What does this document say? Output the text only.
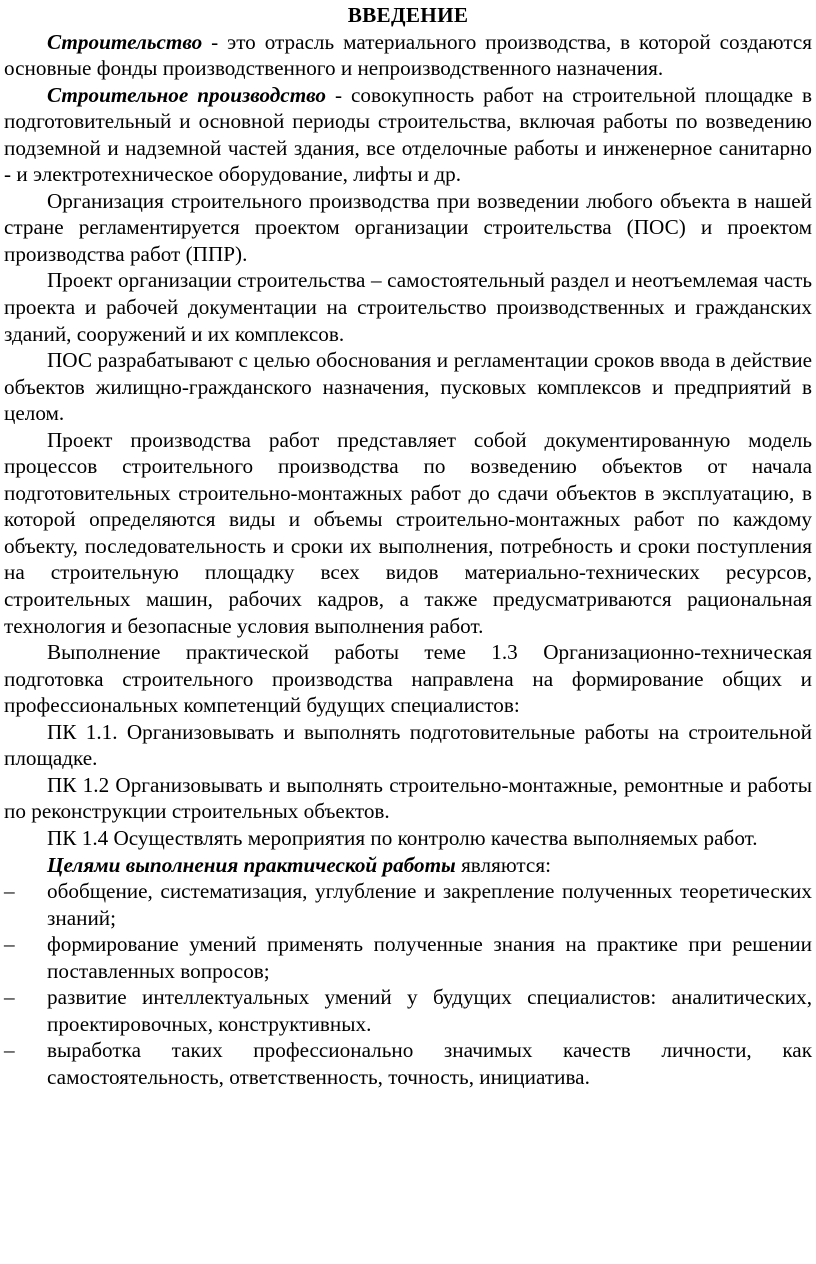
ВВЕДЕНИЕ

Строительство - это отрасль материального производства, в которой создаются основные фонды производственного и непроизводственного назначения.

Строительное производство - совокупность работ на строительной площадке в подготовительный и основной периоды строительства, включая работы по возведению подземной и надземной частей здания, все отделочные работы и инженерное санитарно - и электротехническое оборудование, лифты и др.

Организация строительного производства при возведении любого объекта в нашей стране регламентируется проектом организации строительства (ПОС) и проектом производства работ (ППР).

Проект организации строительства – самостоятельный раздел и неотъемлемая часть проекта и рабочей документации на строительство производственных и гражданских зданий, сооружений и их комплексов.

ПОС разрабатывают с целью обоснования и регламентации сроков ввода в действие объектов жилищно-гражданского назначения, пусковых комплексов и предприятий в целом.

Проект производства работ представляет собой документированную модель процессов строительного производства по возведению объектов от начала подготовительных строительно-монтажных работ до сдачи объектов в эксплуатацию, в которой определяются виды и объемы строительно-монтажных работ по каждому объекту, последовательность и сроки их выполнения, потребность и сроки поступления на строительную площадку всех видов материально-технических ресурсов, строительных машин, рабочих кадров, а также предусматриваются рациональная технология и безопасные условия выполнения работ.

Выполнение практической работы теме 1.3 Организационно-техническая подготовка строительного производства направлена на формирование общих и профессиональных компетенций будущих специалистов:

ПК 1.1. Организовывать и выполнять подготовительные работы на строительной площадке.

ПК 1.2 Организовывать и выполнять строительно-монтажные, ремонтные и работы по реконструкции строительных объектов.

ПК 1.4 Осуществлять мероприятия по контролю качества выполняемых работ.

Целями выполнения практической работы являются:

– обобщение, систематизация, углубление и закрепление полученных теоретических знаний;
– формирование умений применять полученные знания на практике при решении поставленных вопросов;
– развитие интеллектуальных умений у будущих специалистов: аналитических, проектировочных, конструктивных.
– выработка таких профессионально значимых качеств личности, как самостоятельность, ответственность, точность, инициатива.
